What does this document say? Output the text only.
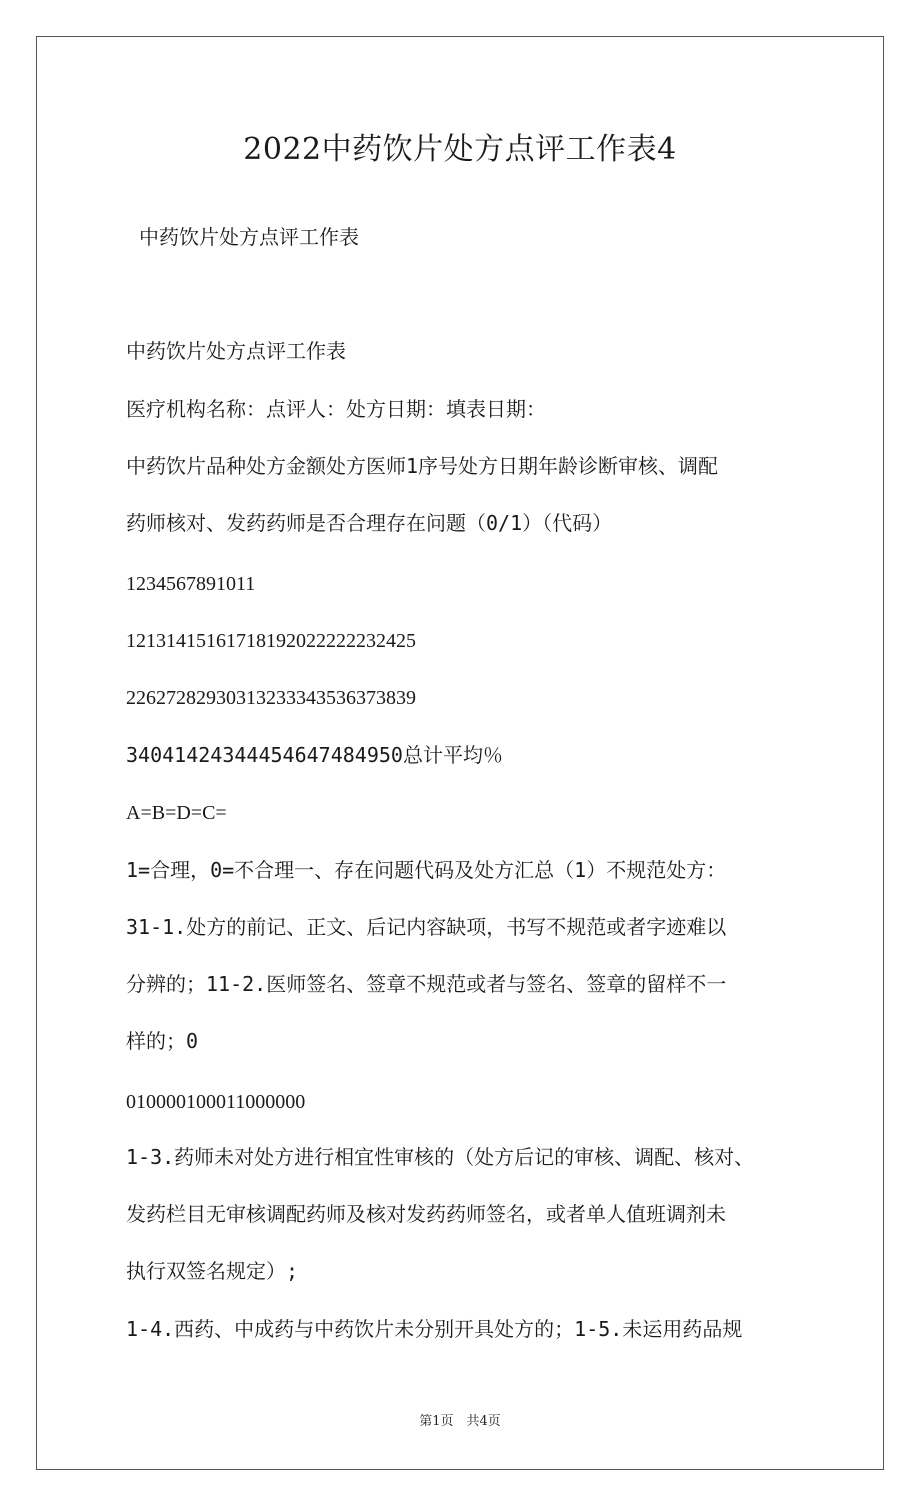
2022中药饮片处方点评工作表4
中药饮片处方点评工作表
中药饮片处方点评工作表
医疗机构名称：点评人：处方日期：填表日期：
中药饮片品种处方金额处方医师1序号处方日期年龄诊断审核、调配
药师核对、发药药师是否合理存在问题（0/1）（代码）
1234567891011
12131415161718192022222232425
2262728293031323334353637383​9
340414243444546474849​50总计平均％
A=B=D=C=
1=合理，0=不合理一、存在问题代码及处方汇总（1）不规范处方：
31-1.处方的前记、正文、后记内容缺项，书写不规范或者字迹难以
分辨的；11-2.医师签名、签章不规范或者与签名、签章的留样不一
样的；0
010000100011000000
1-3.药师未对处方进行相宜性审核的（处方后记的审核、调配、核对、
发药栏目无审核调配药师及核对发药药师签名，或者单人值班调剂未
执行双签名规定）;
1-4.西药、中成药与中药饮片未分别开具处方的；1-5.未运用药品规
第1页　共4页
